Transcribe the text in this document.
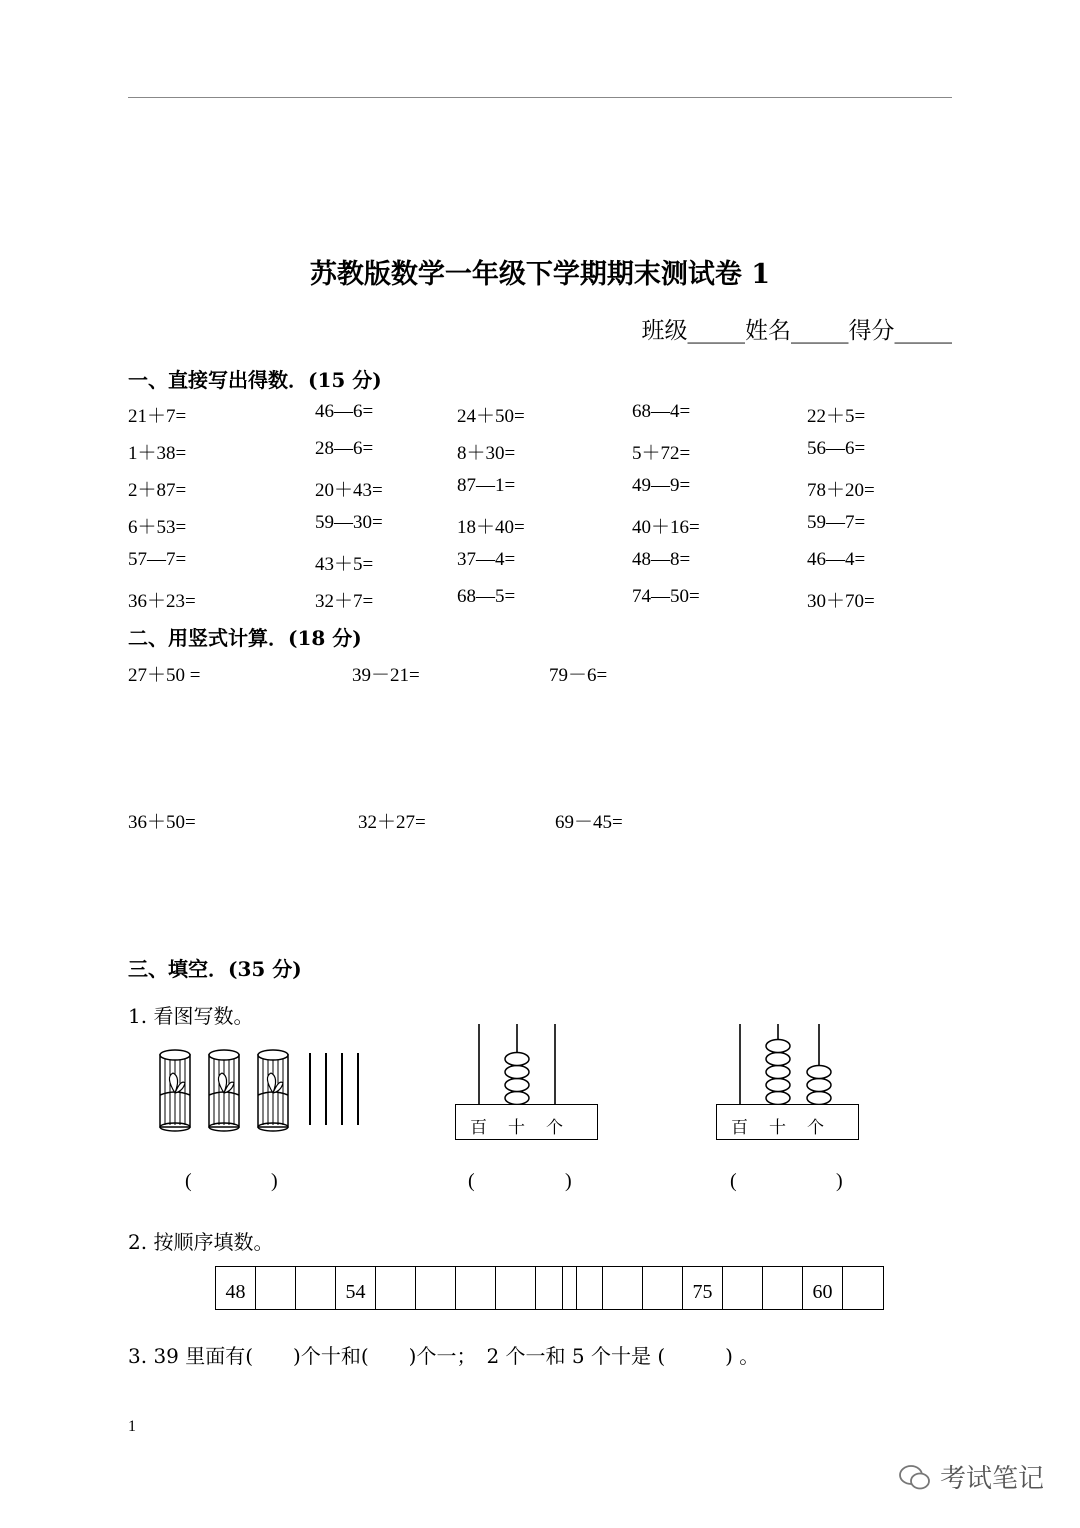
苏教版数学一年级下学期期末测试卷 1
班级_____姓名_____得分_____
一、直接写出得数．(15 分)
21＋7=	46—6=	24＋50=	68—4=	22＋5=
1＋38=	28—6=	8＋30=	5＋72=	56—6=
2＋87=	20＋43=	87—1=	49—9=	78＋20=
6＋53=	59—30=	18＋40=	40＋16=	59—7=
57—7=	43＋5=	37—4=	48—8=	46—4=
36＋23=	32＋7=	68—5=	74—50=	30＋70=
二、用竖式计算．(18 分)
27＋50 =	39－21=	79－6=
36＋50=	32＋27=	69－45=
三、填空．(35 分)
1. 看图写数。
百 十 个	百 十 个
(	)	(	)	(	)
2. 按顺序填数。
48	54	75	60
3. 39 里面有(　　)个十和(　　)个一；　2 个一和 5 个十是 (　　　) 。
1
考试笔记
